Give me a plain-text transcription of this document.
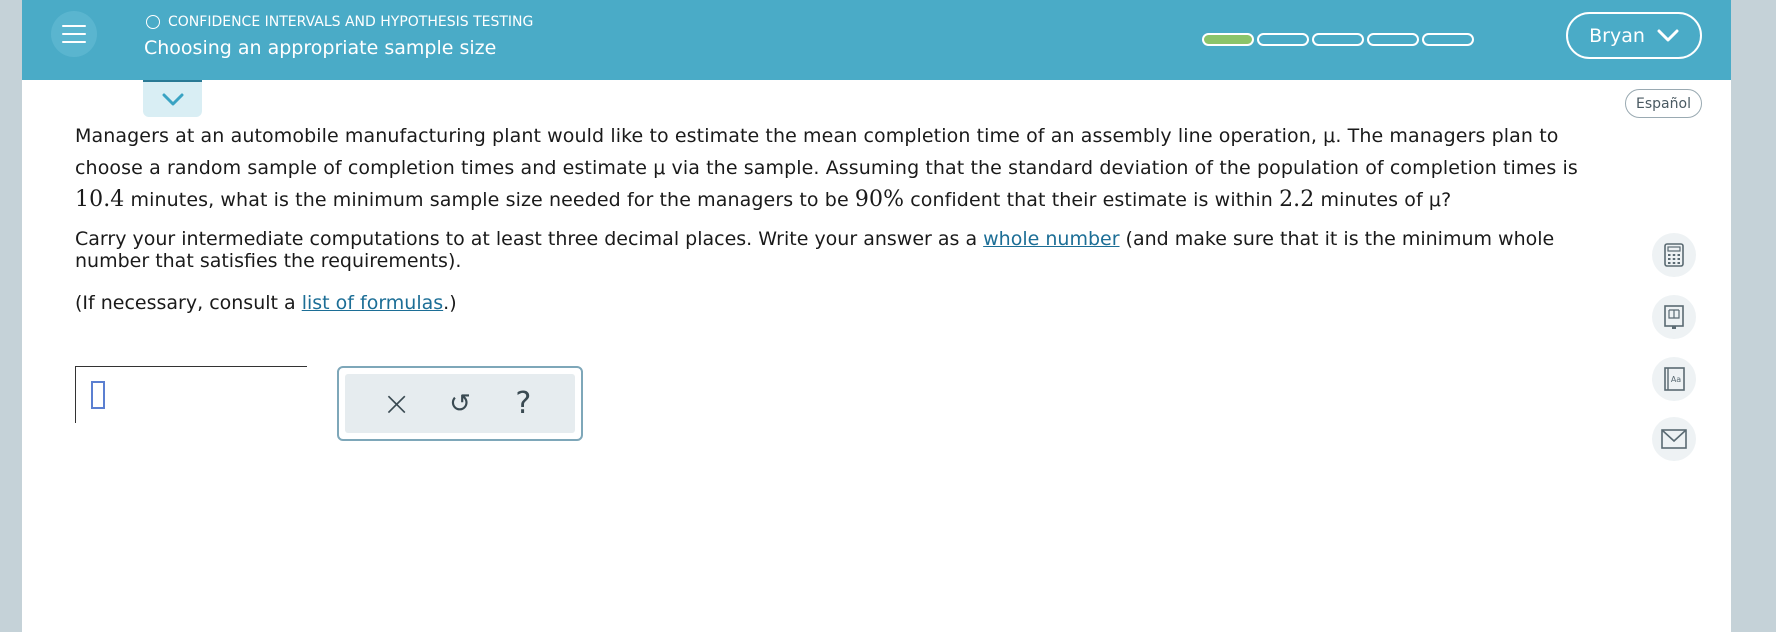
CONFIDENCE INTERVALS AND HYPOTHESIS TESTING
Choosing an appropriate sample size
Bryan
Español

Managers at an automobile manufacturing plant would like to estimate the mean completion time of an assembly line operation, μ. The managers plan to choose a random sample of completion times and estimate μ via the sample. Assuming that the standard deviation of the population of completion times is 10.4 minutes, what is the minimum sample size needed for the managers to be 90% confident that their estimate is within 2.2 minutes of μ?

Carry your intermediate computations to at least three decimal places. Write your answer as a whole number (and make sure that it is the minimum whole number that satisfies the requirements).

(If necessary, consult a list of formulas.)

× ↺ ?
Aa
